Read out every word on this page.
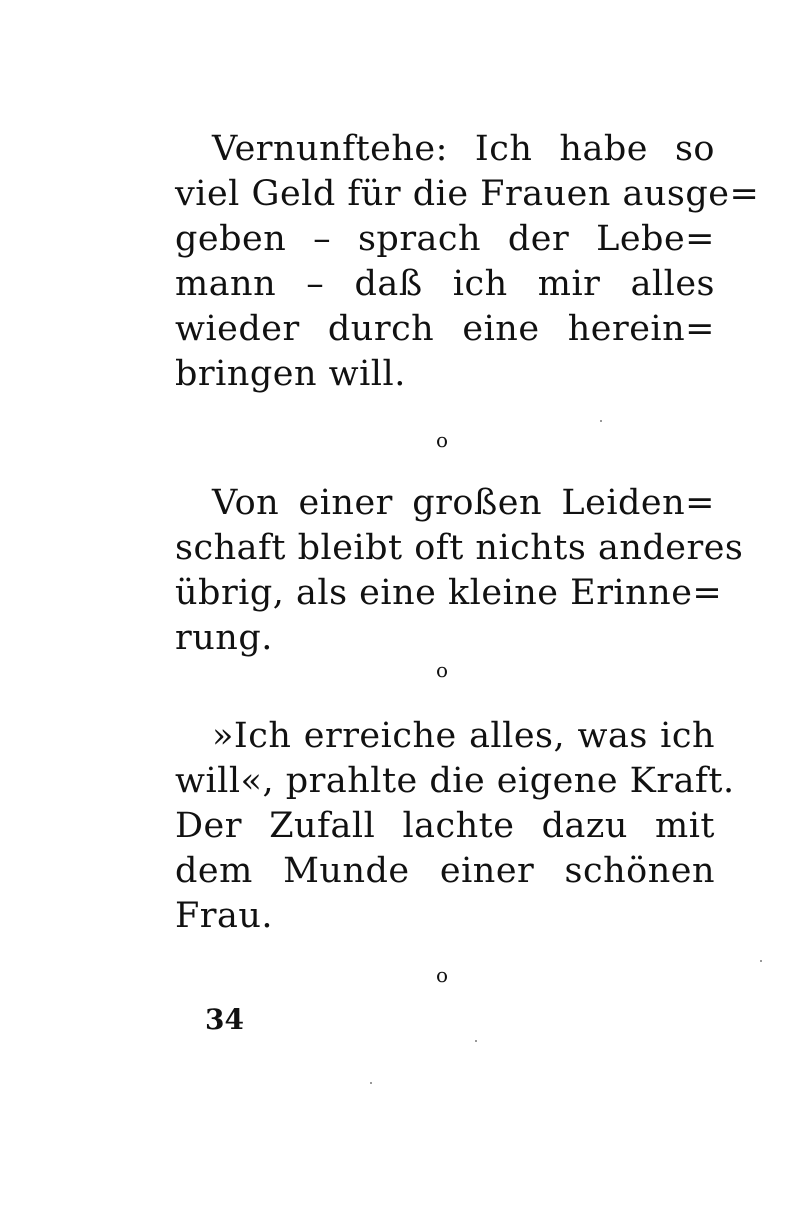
Vernunftehe: Ich habe so
viel Geld für die Frauen ausge=
geben – sprach der Lebe=
mann – daß ich mir alles
wieder durch eine herein=
bringen will.
o
Von einer großen Leiden=
schaft bleibt oft nichts anderes
übrig, als eine kleine Erinne=
rung.
o
»Ich erreiche alles, was ich
will«, prahlte die eigene Kraft.
Der Zufall lachte dazu mit
dem Munde einer schönen
Frau.
o
34
